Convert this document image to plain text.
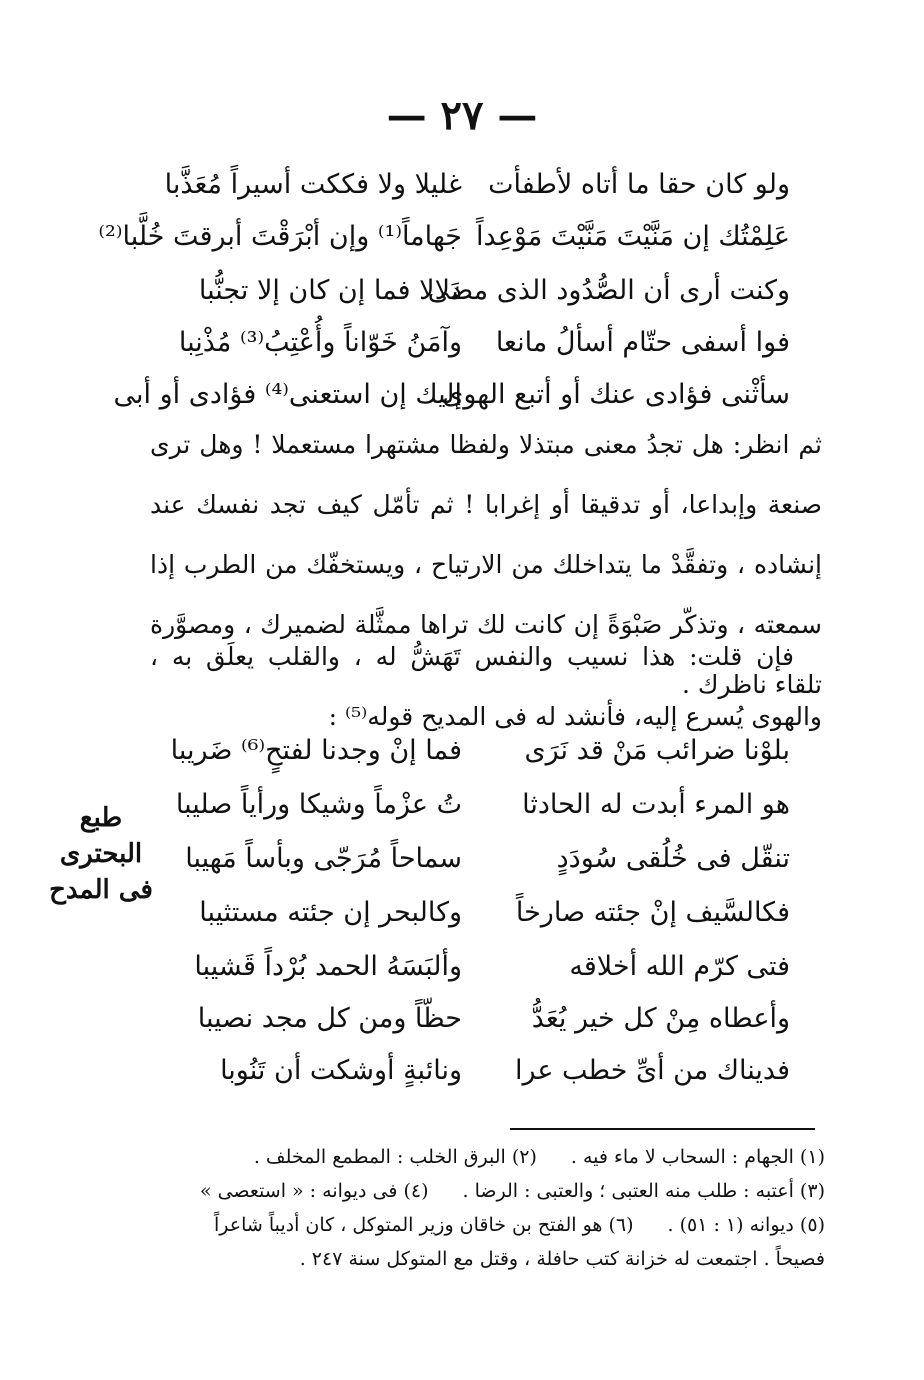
— ٢٧ —
ولو كان حقا ما أتاه لأطفأت
غليلا ولا فككت أسيراً مُعَذَّبا
عَلِمْتُك إن مَنَّيْتَ مَنَّيْتَ مَوْعِداً
جَهاماً⁽¹⁾ وإن أبْرَقْتَ أبرقتَ خُلَّبا⁽²⁾
وكنت أرى أن الصُّدُود الذى مضى
دَلالا فما إن كان إلا تجنُّبا
فوا أسفى حتّام أسألُ مانعا
وآمَنُ خَوّاناً وأُعْتِبُ⁽³⁾ مُذْنِبا
سأثْنى فؤادى عنك أو أتبع الهوى
إليك إن استعنى⁽⁴⁾ فؤادى أو أبى
ثم انظر: هل تجدُ معنى مبتذلا ولفظا مشتهرا مستعملا ! وهل ترى صنعة وإبداعا، أو تدقيقا أو إغرابا ! ثم تأمّل كيف تجد نفسك عند إنشاده ، وتفقَّدْ ما يتداخلك من الارتياح ، ويستخفّك من الطرب إذا سمعته ، وتذكّر صَبْوَةً إن كانت لك تراها ممثَّلة لضميرك ، ومصوَّرة تلقاء ناظرك .
فإن قلت: هذا نسيب والنفس تَهَشُّ له ، والقلب يعلَق به ، والهوى يُسرع إليه، فأنشد له فى المديح قوله⁽⁵⁾ :
بلوْنا ضرائب مَنْ قد نَرَى
فما إنْ وجدنا لفتحٍ⁽⁶⁾ ضَريبا
هو المرء أبدت له الحادثا
تُ عزْماً وشيكا ورأياً صليبا
تنقّل فى خُلُقى سُودَدٍ
سماحاً مُرَجّى وبأساً مَهيبا
فكالسَّيف إنْ جئته صارخاً
وكالبحر إن جئته مستثيبا
فتى كرّم الله أخلاقه
وألبَسَهُ الحمد بُرْداً قَشيبا
وأعطاه مِنْ كل خير يُعَدُّ
حظّاً ومن كل مجد نصيبا
فديناك من أىِّ خطب عرا
ونائبةٍ أوشكت أن تَنُوبا
طبع
البحترى
فى المدح
(١) الجهام : السحاب لا ماء فيه .(٢) البرق الخلب : المطمع المخلف .
(٣) أعتبه : طلب منه العتبى ؛ والعتبى : الرضا .(٤) فى ديوانه : « استعصى »
(٥) ديوانه (١ : ٥١) .(٦) هو الفتح بن خاقان وزير المتوكل ، كان أديباً شاعراً
فصيحاً . اجتمعت له خزانة كتب حافلة ، وقتل مع المتوكل سنة ٢٤٧ .
